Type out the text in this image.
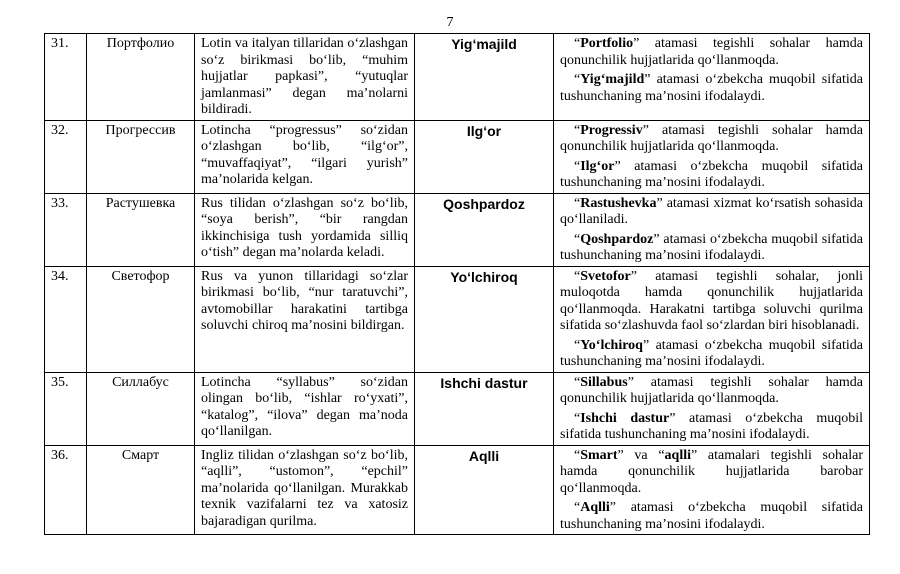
7
31.	Портфолио	Lotin va italyan tillaridan o‘zlashgan so‘z birikmasi bo‘lib, “muhim hujjatlar papkasi”, “yutuqlar jamlanmasi” degan ma’nolarni bildiradi.	Yig‘majild	“Portfolio” atamasi tegishli sohalar hamda qonunchilik hujjatlarida qo‘llanmoqda.

“Yig‘majild” atamasi o‘zbekcha muqobil sifatida tushunchaning ma’nosini ifodalaydi.

32.	Прогрессив	Lotincha “progressus” so‘zidan o‘zlashgan bo‘lib, “ilg‘or”, “muvaffaqiyat”, “ilgari yurish” ma’nolarida kelgan.	Ilg‘or	“Progressiv” atamasi tegishli sohalar hamda qonunchilik hujjatlarida qo‘llanmoqda.

“Ilg‘or” atamasi o‘zbekcha muqobil sifatida tushunchaning ma’nosini ifodalaydi.

33.	Растушевка	Rus tilidan o‘zlashgan so‘z bo‘lib, “soya berish”, “bir rangdan ikkinchisiga tush yordamida silliq o‘tish” degan ma’nolarda keladi.	Qoshpardoz	“Rastushevka” atamasi xizmat ko‘rsatish sohasida qo‘llaniladi.

“Qoshpardoz” atamasi o‘zbekcha muqobil sifatida tushunchaning ma’nosini ifodalaydi.

34.	Светофор	Rus va yunon tillaridagi so‘zlar birikmasi bo‘lib, “nur taratuvchi”, avtomobillar harakatini tartibga soluvchi chiroq ma’nosini bildirgan.	Yo‘lchiroq	“Svetofor” atamasi tegishli sohalar, jonli muloqotda hamda qonunchilik hujjatlarida qo‘llanmoqda. Harakatni tartibga soluvchi qurilma sifatida so‘zlashuvda faol so‘zlardan biri hisoblanadi.

“Yo‘lchiroq” atamasi o‘zbekcha muqobil sifatida tushunchaning ma’nosini ifodalaydi.

35.	Силлабус	Lotincha “syllabus” so‘zidan olingan bo‘lib, “ishlar ro‘yxati”, “katalog”, “ilova” degan ma’noda qo‘llanilgan.	Ishchi dastur	“Sillabus” atamasi tegishli sohalar hamda qonunchilik hujjatlarida qo‘llanmoqda.

“Ishchi dastur” atamasi o‘zbekcha muqobil sifatida tushunchaning ma’nosini ifodalaydi.

36.	Смарт	Ingliz tilidan o‘zlashgan so‘z bo‘lib, “aqlli”, “ustomon”, “epchil” ma’nolarida qo‘llanilgan. Murakkab texnik vazifalarni tez va xatosiz bajaradigan qurilma.	Aqlli	“Smart” va “aqlli” atamalari tegishli sohalar hamda qonunchilik hujjatlarida barobar qo‘llanmoqda.

“Aqlli” atamasi o‘zbekcha muqobil sifatida tushunchaning ma’nosini ifodalaydi.
